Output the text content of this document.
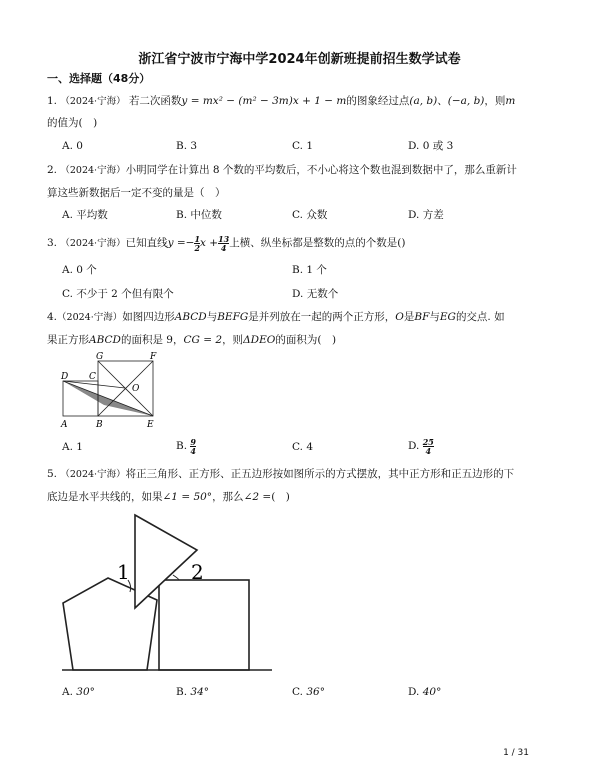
浙江省宁波市宁海中学2024年创新班提前招生数学试卷
一、选择题（48分）
1. （2024·宁海） 若二次函数y = mx² − (m² − 3m)x + 1 − m的图象经过点(a, b)、(−a, b)，则m
的值为(　)
A. 0	B. 3	C. 1	D. 0 或 3
2. （2024·宁海）小明同学在计算出 8 个数的平均数后，不小心将这个数也混到数据中了，那么重新计
算这些新数据后一定不变的量是（　）
A. 平均数	B. 中位数	C. 众数	D. 方差
3. （2024·宁海）已知直线$y =- \frac{1}{2}$ $x + \frac{13}{4}$ 上横、纵坐标都是整数的点的个数是()
A. 0 个	B. 1 个
C. 不少于 2 个但有限个	D. 无数个
4.（2024·宁海）如图四边形ABCD与BEFG是并列放在一起的两个正方形，O是BF与EG的交点. 如
果正方形ABCD的面积是 9，CG = 2，则ΔDEO的面积为(　)
G	F
D C
O
A	B	E
A. 1	B. $\frac{9}{4}$	C. 4	D. $\frac{25}{4}$
5. （2024·宁海）将正三角形、正方形、正五边形按如图所示的方式摆放，其中正方形和正五边形的下
底边是水平共线的，如果∠1 = 50°，那么∠2 =(　)
1	2
A. 30°	B. 34°	C. 36°	D. 40°
1 / 31
